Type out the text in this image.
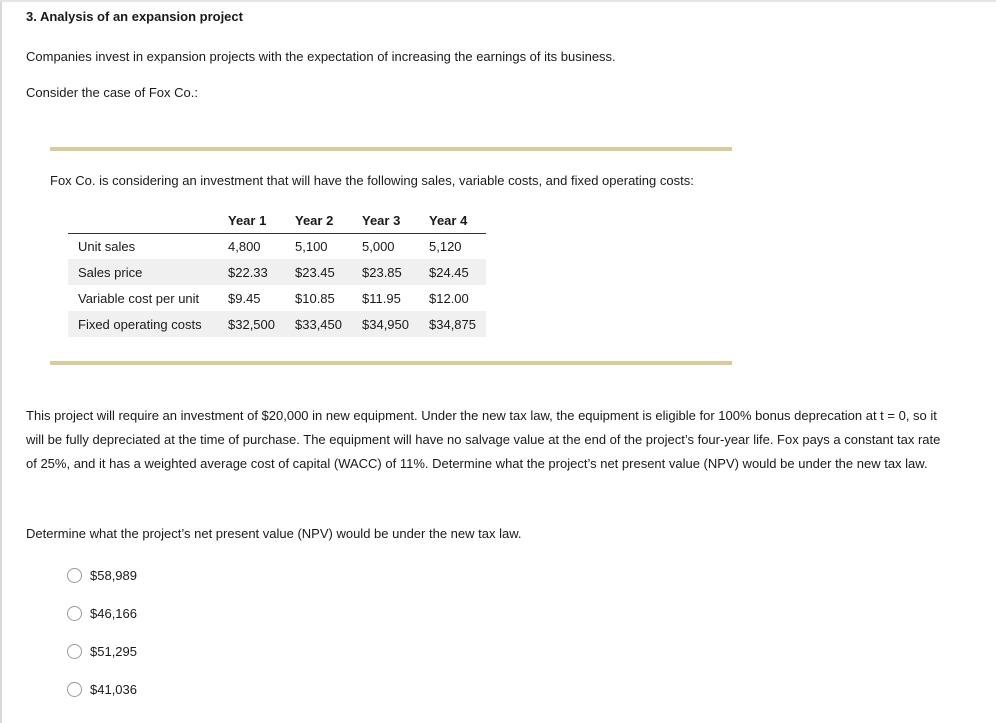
3. Analysis of an expansion project
Companies invest in expansion projects with the expectation of increasing the earnings of its business.
Consider the case of Fox Co.:
Fox Co. is considering an investment that will have the following sales, variable costs, and fixed operating costs:
	Year 1	Year 2	Year 3	Year 4
Unit sales	4,800	5,100	5,000	5,120
Sales price	$22.33	$23.45	$23.85	$24.45
Variable cost per unit	$9.45	$10.85	$11.95	$12.00
Fixed operating costs	$32,500	$33,450	$34,950	$34,875
This project will require an investment of $20,000 in new equipment. Under the new tax law, the equipment is eligible for 100% bonus deprecation at t = 0, so it will be fully depreciated at the time of purchase. The equipment will have no salvage value at the end of the project’s four-year life. Fox pays a constant tax rate of 25%, and it has a weighted average cost of capital (WACC) of 11%. Determine what the project’s net present value (NPV) would be under the new tax law.
Determine what the project’s net present value (NPV) would be under the new tax law.
$58,989
$46,166
$51,295
$41,036
